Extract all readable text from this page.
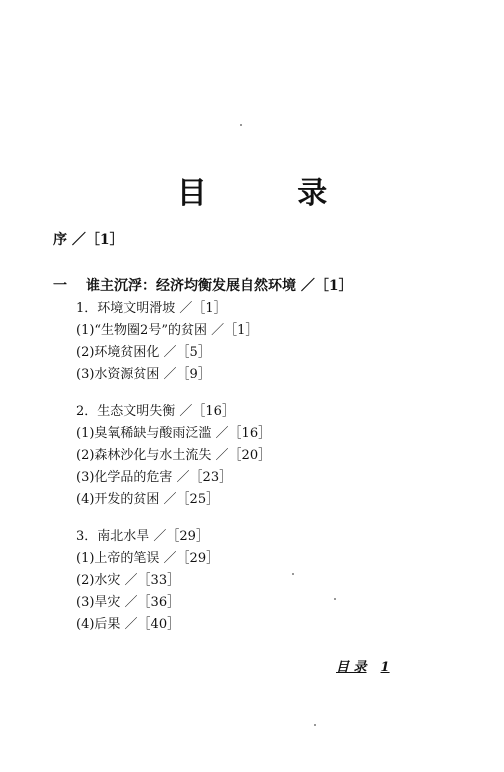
目 录
序 ／［1］
一 谁主沉浮：经济均衡发展自然环境 ／［1］
1．环境文明滑坡 ／［1］
(1)“生物圈2号”的贫困 ／［1］
(2)环境贫困化 ／［5］
(3)水资源贫困 ／［9］
2．生态文明失衡 ／［16］
(1)臭氧稀缺与酸雨泛滥 ／［16］
(2)森林沙化与水土流失 ／［20］
(3)化学品的危害 ／［23］
(4)开发的贫困 ／［25］
3．南北水旱 ／［29］
(1)上帝的笔误 ／［29］
(2)水灾 ／［33］
(3)旱灾 ／［36］
(4)后果 ／［40］
目 录 1
